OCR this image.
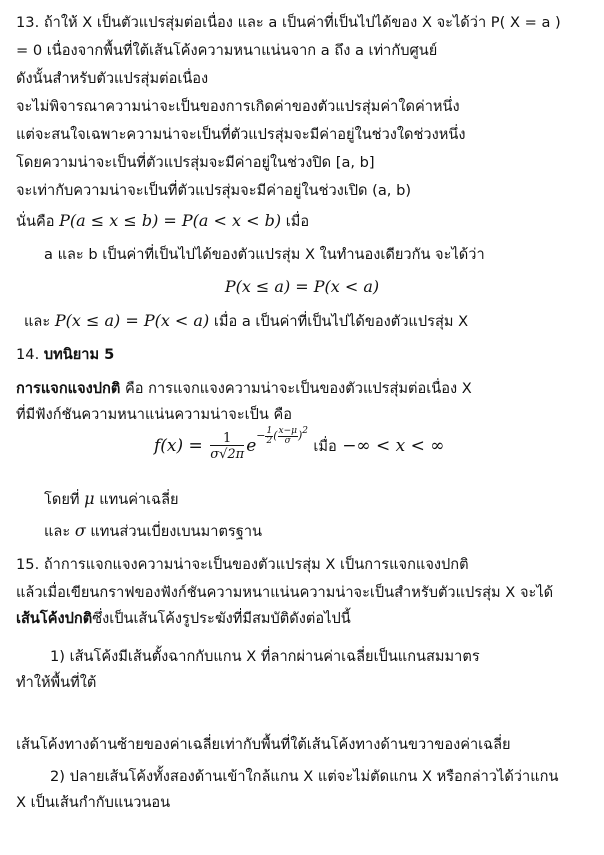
13. ถ้าให้ X เป็นตัวแปรสุ่มต่อเนื่อง และ a เป็นค่าที่เป็นไปได้ของ X จะได้ว่า P( X = a )
= 0 เนื่องจากพื้นที่ใต้เส้นโค้งความหนาแน่นจาก a ถึง a เท่ากับศูนย์
ดังนั้นสำหรับตัวแปรสุ่มต่อเนื่อง
จะไม่พิจารณาความน่าจะเป็นของการเกิดค่าของตัวแปรสุ่มค่าใดค่าหนึ่ง
แต่จะสนใจเฉพาะความน่าจะเป็นที่ตัวแปรสุ่มจะมีค่าอยู่ในช่วงใดช่วงหนึ่ง
โดยความน่าจะเป็นที่ตัวแปรสุ่มจะมีค่าอยู่ในช่วงปิด [a, b]
จะเท่ากับความน่าจะเป็นที่ตัวแปรสุ่มจะมีค่าอยู่ในช่วงเปิด (a, b)
นั่นคือ P(a ≤ x ≤ b) = P(a < x < b) เมื่อ
a และ b เป็นค่าที่เป็นไปได้ของตัวแปรสุ่ม X ในทำนองเดียวกัน จะได้ว่า
P(x ≤ a) = P(x < a)
และ P(x ≤ a) = P(x < a) เมื่อ a เป็นค่าที่เป็นไปได้ของตัวแปรสุ่ม X
14. บทนิยาม 5
การแจกแจงปกติ คือ การแจกแจงความน่าจะเป็นของตัวแปรสุ่มต่อเนื่อง X
ที่มีฟังก์ชันความหนาแน่นความน่าจะเป็น คือ
$f(x) = \frac{1}{\sigma√2\pi} e^{- \frac{1}{2} ( \frac{x-\mu}{\sigma} )^2}$ เมื่อ −∞ < x < ∞
โดยที่ μ แทนค่าเฉลี่ย
และ σ แทนส่วนเบี่ยงเบนมาตรฐาน
15. ถ้าการแจกแจงความน่าจะเป็นของตัวแปรสุ่ม X เป็นการแจกแจงปกติ
แล้วเมื่อเขียนกราฟของฟังก์ชันความหนาแน่นความน่าจะเป็นสำหรับตัวแปรสุ่ม X จะได้
เส้นโค้งปกติซึ่งเป็นเส้นโค้งรูประฆังที่มีสมบัติดังต่อไปนี้
1) เส้นโค้งมีเส้นตั้งฉากกับแกน X ที่ลากผ่านค่าเฉลี่ยเป็นแกนสมมาตร
ทำให้พื้นที่ใต้
เส้นโค้งทางด้านซ้ายของค่าเฉลี่ยเท่ากับพื้นที่ใต้เส้นโค้งทางด้านขวาของค่าเฉลี่ย
2) ปลายเส้นโค้งทั้งสองด้านเข้าใกล้แกน X แต่จะไม่ตัดแกน X หรือกล่าวได้ว่าแกน
X เป็นเส้นกำกับแนวนอน
